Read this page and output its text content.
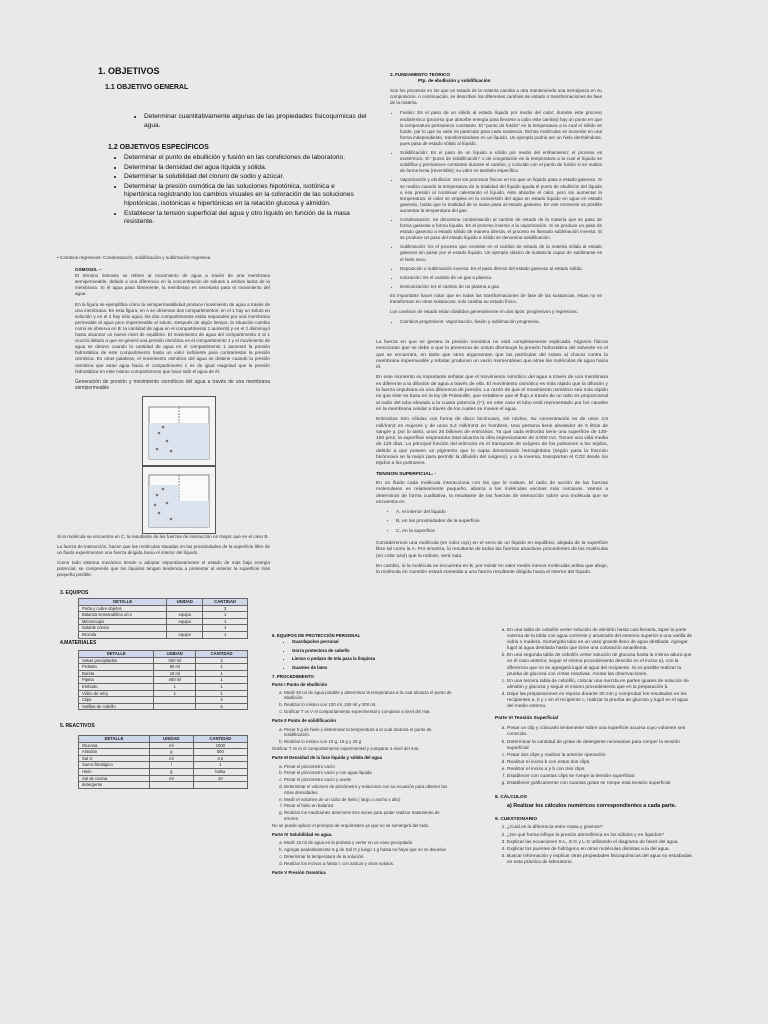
1. OBJETIVOS
1.1 OBJETIVO GENERAL
• Determinar cuantitativamente algunas de las propiedades fisicoquímicas del agua.
1.2 OBJETIVOS ESPECÍFICOS
• Determinar el punto de ebullición y fusión en las condiciones de laboratorio.
• Determinar la densidad del agua líquida y sólida.
• Determinar la solubilidad del cloruro de sodio y azúcar.
• Determinar la presión osmótica de las soluciones hipotónica, isotónica e hipertónica registrando los cambios visuales en la coloración de las soluciones hipotónicas, isotónicas e hipertónicas en la relación glucosa y almidón.
• Establecer la tensión superficial del agua y otro líquido en función de la masa resistente.
• Cambios regresivos: Condensación, solidificación y sublimación regresiva
OSMOSIS. –

El término ósmosis se refiere al movimiento de agua a través de una membrana semipermeable, debido a una diferencia en la concentración de solutos a ambos lados de la membrana. Si el agua pasa libremente, la membrana es necesaria para el movimiento del agua.

En la figura se ejemplifica cómo la semipermeabilidad produce movimiento de agua a través de una membrana. En esta figura, en A se observan dos compartimentos: en el 1 hay un soluto en solución y en el 2 hay sólo agua; los dos compartimentos están separados por una membrana permeable al agua pero impermeable al soluto. Después de algún tiempo, la situación cambia como se observa en B: la cantidad de agua en el compartimento 1 aumentó y en el 2 disminuyó hasta alcanzar un nuevo nivel de equilibrio. El movimiento de agua del compartimento 2 al 1 ocurrió debido a que se generó una presión osmótica en el compartimento 1 y el movimiento de agua se detuvo cuando la cantidad de agua en el compartimento 1 aumentó la presión hidrostática de este compartimento hasta un valor suficiente para contrarrestar la presión osmótica. En otras palabras, el movimiento osmótico del agua se detiene cuando la presión osmótica que atrae agua hacia el compartimento 1 es de igual magnitud que la presión hidrostática en este mismo compartimento que hace salir el agua de él.

Generación de presión y movimiento osmóticos del agua a través de una membrana semipermeable

Si la molécula se encuentra en C, la resultante de las fuerzas de interacción es mayor que en el caso B.

La fuerza de interacción, hacen que las moléculas situadas en las proximidades de la superficie libre de un fluido experimenten una fuerza dirigida hacia el interior del líquido.

Como todo sistema mecánico tiende a adoptar espontáneamente el estado de más baja energía potencial, se comprende que los líquidos tengan tendencia a presentar al exterior la superficie más pequeña posible.

3. EQUIPOS
DETALLE	UNIDAD	CANTIDAD
Porta y cubre objetos		3
Balanza semianalítica ±0.1	equipo	1
Microscopio	equipo	1
Soluble cónico		1
Brocola	equipo	1
4.MATERIALES
DETALLE	UNIDAD	CANTIDAD
Vasos precipitados	600 ml	4
Probeta	50 ml	1
Bureta	10 ml	1
Pipeta	400 ml	1
Embudo	1	1
Vidrio de reloj	1	1
Clips		4
Varillas de cobrillo		5
5. REACTIVOS
DETALLE	UNIDAD	CANTIDAD
Glucosa	ml	1000
Almidón	g	500
Sal O	ml	0,5
Suero fisiológico	l	1
Hielo	g	bolsa
Sal de cocina	ml	20
detergente		
2. FUNDAMENTO TEÓRICO
Ptp. de ebullición y solidificación

Son los procesos en los que un estado de la materia cambia a otra manteniendo una semejanza en su composición. A continuación, se describen los diferentes cambios de estado o transformaciones de fase de la materia.

• Fusión: Es el paso de un sólido al estado líquido por medio del calor; durante este proceso endotérmico (proceso que absorbe energía para llevarse a cabo este cambio) hay un punto en que la temperatura permanece constante. El "punto de fusión" es la temperatura a la cual el sólido se funde, por lo que su valor es particular para cada sustancia. Dichas moléculas se moverán en una forma independiente, transformándose en un líquido. Un ejemplo podría ser un hielo derritiéndose, pues pasa de estado sólido al líquido.
• Solidificación: Es el paso de un líquido a sólido por medio del enfriamiento; el proceso es exotérmico. El "punto de solidificación" o de congelación es la temperatura a la cual el líquido se solidifica y permanece constante durante el cambio, y coincide con el punto de fusión si se realiza de forma lenta (reversible); su valor es también específico.
• Vaporización y ebullición: Son los procesos físicos en los que un líquido pasa a estado gaseoso. Si se realiza cuando la temperatura de la totalidad del líquido iguala el punto de ebullición del líquido a esa presión al continuar calentando el líquido, éste absorbe el calor, pero sin aumentar la temperatura: el calor se emplea en la conversión del agua en estado líquido en agua en estado gaseoso, hasta que la totalidad de la masa pasa al estado gaseoso. En ese momento es posible aumentar la temperatura del gas.
• Condensación: Se denomina condensación al cambio de estado de la materia que se pasa de forma gaseosa a forma líquida. Es el proceso inverso a la vaporización. Si se produce un paso de estado gaseoso a estado sólido de manera directa, el proceso es llamado sublimación inversa. Si se produce un paso del estado líquido a sólido se denomina solidificación.
• Sublimación: Es el proceso que consiste en el cambio de estado de la materia sólida al estado gaseoso sin pasar por el estado líquido. Un ejemplo clásico de sustancia capaz de sublimarse es el hielo seco.
• Deposición o sublimación inversa: Es el paso directo del estado gaseoso al estado sólido.
• Ionización: Es el cambio de un gas a plasma.
• Desionización: Es el cambio de un plasma a gas.

Es importante hacer notar que en todas las transformaciones de fase de las sustancias, éstas no se transforman en otras sustancias, solo cambia su estado físico.

Los cambios de estado están divididos generalmente en dos tipos: progresivos y regresivos.

• Cambios progresivos: Vaporización, fusión y sublimación progresiva.

La fuerza en que se genera la presión osmótica no está completamente explicada. Algunos físicos mencionan que se debe a que la presencia de soluto disminuye la presión hidrostática del solvente en el que se encuentra, en tanto que otros argumentan que las partículas del soluto al chocar contra la membrana impermeable y rebotar producen un vacío momentáneo que atrae las moléculas de agua hacia él.

En este momento es importante señalar que el movimiento osmótico del agua a través de una membrana es diferente a la difusión de agua a través de ella. El movimiento osmótico es más rápido que la difusión y la fuerza impulsora es una diferencia de presión. La razón de que el movimiento osmótico sea más rápido es que éste se basa en la ley de Poiseuille, que establece que el flujo a través de un tubo es proporcional al radio del tubo elevado a la cuarta potencia (r⁴); en este caso el tubo está representado por los canales en la membrana celular a través de los cuales se mueve el agua.

Eritrocitos Son células con forma de disco bicóncavo, sin núcleo. Su concentración es de unos 4,8 mill/mm3 en mujeres y de unos 5,2 mill/mm3 en hombres. Una persona tiene alrededor de 5 litros de sangre y, por lo tanto, unos 25 billones de eritrocitos. Ya que cada eritrocito tiene una superficie de 130-150 µm2, la superficie respiratoria total alcanza la cifra impresionante de 3.000 m2. Tienen una vida media de 120 días. La principal función del eritrocito es el transporte de oxígeno de los pulmones a los tejidos, debido a que poseen un pigmento que lo capta denominado hemoglobina (según pasa la fracción bicóncava se la mejor para permitir la difusión del oxígeno), y a la inversa, transportan el CO2 desde los tejidos a los pulmones.

TENSION SUPERFICIAL. -

En un fluido cada molécula interacciona con las que le rodean. El radio de acción de las fuerzas moleculares es relativamente pequeño, abarca a las moléculas vecinas más cercanas. Vamos a determinar de forma cualitativa, la resultante de las fuerzas de interacción sobre una molécula que se encuentra en

• A, el interior del líquido
• B, en las proximidades de la superficie
• C, en la superficie

Consideremos una molécula (en color rojo) en el seno de un líquido en equilibrio, alejada de la superficie libre tal como la A. Por simetría, la resultante de todas las fuerzas atractivas procedentes de las moléculas (en color azul) que la rodean, será nula.

En cambio, si la molécula se encuentra en B, por existir en valor medio menos moléculas arriba que abajo, la molécula en cuestión estará sometida a una fuerza resultante dirigida hacia el interior del líquido.

6. EQUIPOS DE PROTECCIÓN PERSONAL
• Guardapolvo personal
• Gorra protectora de cabello
• Lienzo o pedazo de tela para la limpieza
• Guantes de latex
7. PROCEDIMIENTO
Parte I Punto de ebullición
a. Medir 50 ml de agua potable y determinar la temperatura a la cual alcanza el punto de ebullición.
b. Realizar lo mismo con 100 ml, 150 ml y 200 ml.
c. Graficar T vs V el comportamiento experimental y comparar a nivel del mar.
Parte II Punto de solidificación
a. Pesar 5 g de hielo y determinar la temperatura a la cual alcanza el punto de solidificación.
b. Realizar lo mismo con 10 g, 15 g y 20 g
Graficar T vs m el comportamiento experimental y comparar a nivel del mar.
Parte III Densidad de la fase líquida y sólida del agua
a. Pesar el picnómetro vacío
b. Pesar el picnómetro vacío y con agua líquida
c. Pesar el picnómetro vacío y aceite
d. Determinar el volumen de picnómetro y relacionar con su ecuación para obtener las otras densidades.
e. Medir el volumen de un cubo de hielo ( largo x ancho x alto)
f. Pesar el hielo en balanza
g. Realizar los mediciones anteriores tres veces para poder realizar tratamiento de errores.
No se puede aplicar el principio de Arquímedes ya que no se sumergirá del todo.
Parte IV Solubilidad en agua.
a. Medir 10 ml de agua en la probeta y verter en un vaso precipitado
b. Agregar paulatinamente 5 g de Sal O y luego 1 g hasta no haya que no se disuelva
c. Determinar la temperatura de la solución.
d. Realizar los incisos a hasta c con azúcar y otros solutos.
Parte V Presión Osmótica
a. En una tabla de cebollín verter solución de almidón hasta casi llenarla, tapar la parte externa de la tabla con agua corriente y amarrarla del extremo superior a una varilla de vidrio o madera. Sumergirla tubo en un vaso grande lleno de agua destilada. Agregar lugol al agua destilada hasta que tome una coloración amarillenta.
b. En una segunda tabla de cebollín verter solución de glucosa hasta la misma altura que en el caso anterior, seguir el mismo procedimiento descrito en el inciso a), con la diferencia que no se agregará lugol al agua del recipiente. Si es posible realizar la prueba de glucosa con cintas reactivas. Anotar las observaciones.
c. En una tercera tabla de cebollín, colocar una mezcla en partes iguales de solución de almidón y glucosa y seguir el mismo procedimiento que en la preparación b.
d. Dejar las preparaciones en reposo durante 30 min y comprobar los resultados en los recipientes a, b y c en el recipiente c, realizar la prueba de glucosa y lugol en el agua del medio externo.
Parte VI Tensión Superficial
a. Pesar un clip y colocarlo lentamente sobre una superficie acuosa cuyo volumen sea conocido.
b. Determinar la cantidad de gotas de detergente necesarias para romper la tensión superficial
c. Pesar dos clips y realizar la anterior operación.
d. Realizar el inciso b con estos dos clips.
e. Realizar el inciso a y b con tres clips.
f. Establecer con cuantas clips se rompe la tensión superficial.
g. Establecer gráficamente con cuantas gotas se rompe esta tensión superficial
8. CÁLCULOS
a) Realizar los cálculos numéricos correspondientes a cada parte.
9. CUESTIONARIO
1. ¿Cuál es la diferencia entre masa y gramos?
2. ¿De qué forma influye la presión atmosférica en los sólidos y en líquidos?
3. Explicar las ecuaciones S-L, S-G y L-G utilizando el diagrama de fases del agua.
4. Explicar los puentes de hidrógeno en otras moléculas distintas a la del agua.
5. Buscar información y explicar otras propiedades fisicoquímicas del agua no estudiadas en esta práctica de laboratorio.
